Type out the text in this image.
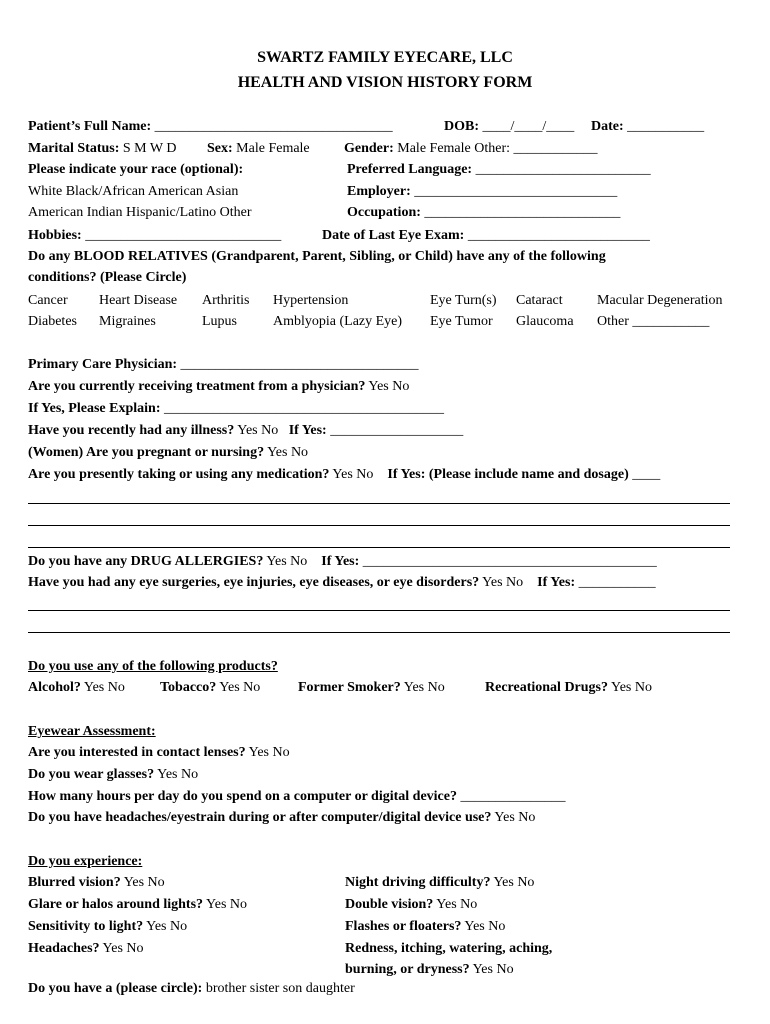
SWARTZ FAMILY EYECARE, LLC
HEALTH AND VISION HISTORY FORM
Patient’s Full Name: __________________________________	DOB: ____/____/____ Date: ___________
Marital Status: S M W D Sex: Male Female Gender: Male Female Other: ____________
Please indicate your race (optional):	Preferred Language: _________________________
White Black/African American Asian	Employer: _____________________________
American Indian Hispanic/Latino Other	Occupation: ____________________________
Hobbies: ____________________________	Date of Last Eye Exam: __________________________
Do any BLOOD RELATIVES (Grandparent, Parent, Sibling, or Child) have any of the following
conditions? (Please Circle)
Cancer Heart Disease Arthritis Hypertension	Eye Turn(s) Cataract Macular Degeneration
Diabetes Migraines	Lupus	Amblyopia (Lazy Eye) Eye Tumor Glaucoma Other ___________
Primary Care Physician: __________________________________
Are you currently receiving treatment from a physician? Yes No
If Yes, Please Explain: ________________________________________
Have you recently had any illness? Yes No If Yes: ___________________
(Women) Are you pregnant or nursing? Yes No
Are you presently taking or using any medication? Yes No If Yes: (Please include name and dosage) ____
Do you have any DRUG ALLERGIES? Yes No If Yes: __________________________________________
Have you had any eye surgeries, eye injuries, eye diseases, or eye disorders? Yes No If Yes: ___________
Do you use any of the following products?
Alcohol? Yes No	Tobacco? Yes No	Former Smoker? Yes No	Recreational Drugs? Yes No
Eyewear Assessment:
Are you interested in contact lenses? Yes No
Do you wear glasses? Yes No
How many hours per day do you spend on a computer or digital device? _______________
Do you have headaches/eyestrain during or after computer/digital device use? Yes No
Do you experience:
Blurred vision? Yes No	Night driving difficulty? Yes No
Glare or halos around lights? Yes No	Double vision? Yes No
Sensitivity to light? Yes No	Flashes or floaters? Yes No
Headaches? Yes No	Redness, itching, watering, aching,
burning, or dryness? Yes No
Do you have a (please circle): brother sister son daughter
